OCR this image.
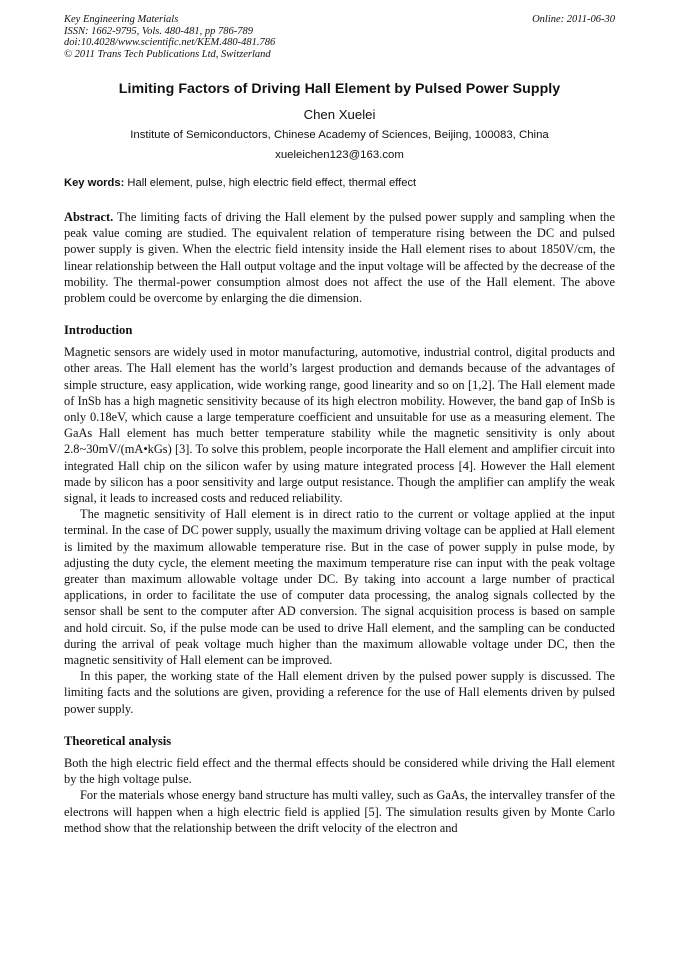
Key Engineering Materials
ISSN: 1662-9795, Vols. 480-481, pp 786-789
doi:10.4028/www.scientific.net/KEM.480-481.786
© 2011 Trans Tech Publications Ltd, Switzerland
Online: 2011-06-30
Limiting Factors of Driving Hall Element by Pulsed Power Supply
Chen Xuelei
Institute of Semiconductors, Chinese Academy of Sciences, Beijing, 100083, China
xueleichen123@163.com
Key words: Hall element, pulse, high electric field effect, thermal effect

Abstract. The limiting facts of driving the Hall element by the pulsed power supply and sampling when the peak value coming are studied. The equivalent relation of temperature rising between the DC and pulsed power supply is given. When the electric field intensity inside the Hall element rises to about 1850V/cm, the linear relationship between the Hall output voltage and the input voltage will be affected by the decrease of the mobility. The thermal-power consumption almost does not affect the use of the Hall element. The above problem could be overcome by enlarging the die dimension.

Introduction

Magnetic sensors are widely used in motor manufacturing, automotive, industrial control, digital products and other areas. The Hall element has the world’s largest production and demands because of the advantages of simple structure, easy application, wide working range, good linearity and so on [1,2]. The Hall element made of InSb has a high magnetic sensitivity because of its high electron mobility. However, the band gap of InSb is only 0.18eV, which cause a large temperature coefficient and unsuitable for use as a measuring element. The GaAs Hall element has much better temperature stability while the magnetic sensitivity is only about 2.8~30mV/(mA•kGs) [3]. To solve this problem, people incorporate the Hall element and amplifier circuit into integrated Hall chip on the silicon wafer by using mature integrated process [4]. However the Hall element made by silicon has a poor sensitivity and large output resistance. Though the amplifier can amplify the weak signal, it leads to increased costs and reduced reliability.

The magnetic sensitivity of Hall element is in direct ratio to the current or voltage applied at the input terminal. In the case of DC power supply, usually the maximum driving voltage can be applied at Hall element is limited by the maximum allowable temperature rise. But in the case of power supply in pulse mode, by adjusting the duty cycle, the element meeting the maximum temperature rise can input with the peak voltage greater than maximum allowable voltage under DC. By taking into account a large number of practical applications, in order to facilitate the use of computer data processing, the analog signals collected by the sensor shall be sent to the computer after AD conversion. The signal acquisition process is based on sample and hold circuit. So, if the pulse mode can be used to drive Hall element, and the sampling can be conducted during the arrival of peak voltage much higher than the maximum allowable voltage under DC, then the magnetic sensitivity of Hall element can be improved.

In this paper, the working state of the Hall element driven by the pulsed power supply is discussed. The limiting facts and the solutions are given, providing a reference for the use of Hall elements driven by pulsed power supply.

Theoretical analysis

Both the high electric field effect and the thermal effects should be considered while driving the Hall element by the high voltage pulse.

For the materials whose energy band structure has multi valley, such as GaAs, the intervalley transfer of the electrons will happen when a high electric field is applied [5]. The simulation results given by Monte Carlo method show that the relationship between the drift velocity of the electron and
